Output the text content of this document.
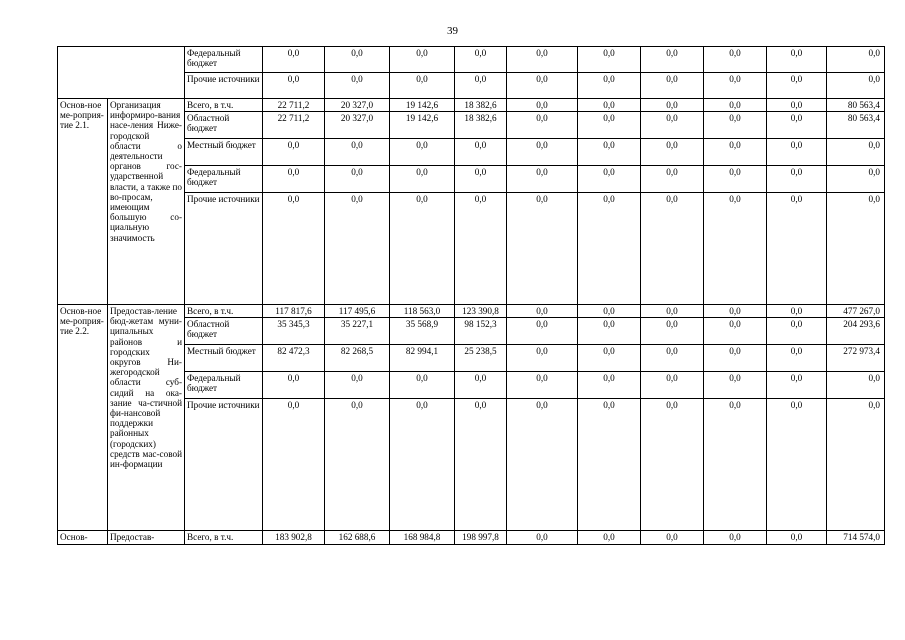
39
		Федеральный бюджет	0,0	0,0	0,0	0,0	0,0	0,0	0,0	0,0	0,0	0,0
		Прочие источники	0,0	0,0	0,0	0,0	0,0	0,0	0,0	0,0	0,0	0,0
Основ-ное ме-роприя-тие 2.1.	Организация информиро-вания насе-ления Ниже-городской области о деятельности органов гос-ударственной власти, а также по во-просам, имеющим большую со-циальную значимость	Всего, в т.ч.	22 711,2	20 327,0	19 142,6	18 382,6	0,0	0,0	0,0	0,0	0,0	80 563,4
		Областной бюджет	22 711,2	20 327,0	19 142,6	18 382,6	0,0	0,0	0,0	0,0	0,0	80 563,4
		Местный бюджет	0,0	0,0	0,0	0,0	0,0	0,0	0,0	0,0	0,0	0,0
		Федеральный бюджет	0,0	0,0	0,0	0,0	0,0	0,0	0,0	0,0	0,0	0,0
		Прочие источники	0,0	0,0	0,0	0,0	0,0	0,0	0,0	0,0	0,0	0,0
Основ-ное ме-роприя-тие 2.2.	Предостав-ление бюд-жетам муни-ципальных районов и городских округов Ни-жегородской области суб-сидий на ока-зание ча-стичной фи-нансовой поддержки районных (городских) средств мас-совой ин-формации	Всего, в т.ч.	117 817,6	117 495,6	118 563,0	123 390,8	0,0	0,0	0,0	0,0	0,0	477 267,0
		Областной бюджет	35 345,3	35 227,1	35 568,9	98 152,3	0,0	0,0	0,0	0,0	0,0	204 293,6
		Местный бюджет	82 472,3	82 268,5	82 994,1	25 238,5	0,0	0,0	0,0	0,0	0,0	272 973,4
		Федеральный бюджет	0,0	0,0	0,0	0,0	0,0	0,0	0,0	0,0	0,0	0,0
		Прочие источники	0,0	0,0	0,0	0,0	0,0	0,0	0,0	0,0	0,0	0,0
Основ-	Предостав-	Всего, в т.ч.	183 902,8	162 688,6	168 984,8	198 997,8	0,0	0,0	0,0	0,0	0,0	714 574,0
